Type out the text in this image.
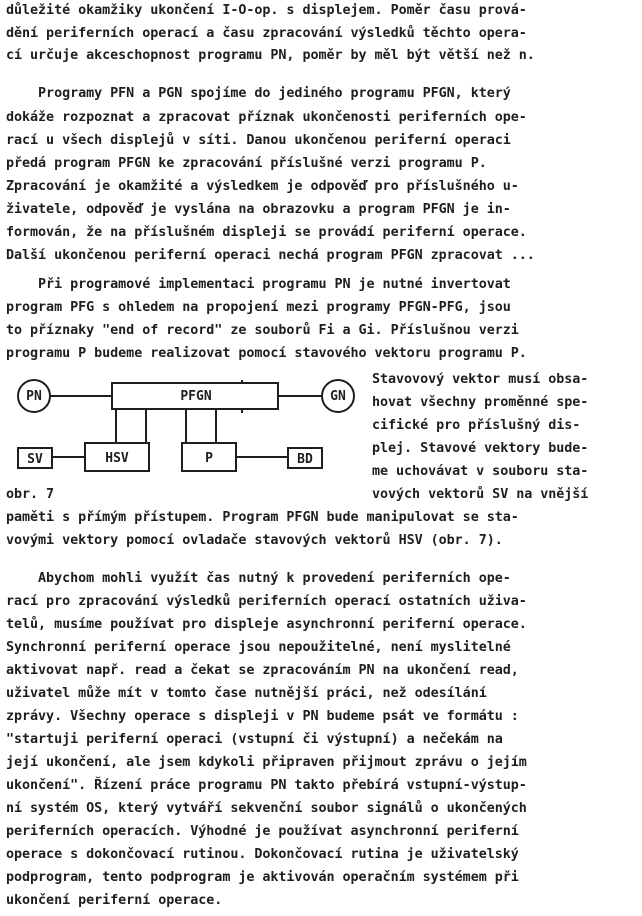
důležité okamžiky ukončení I-O-op. s displejem. Poměr času prová-

dění periferních operací a času zpracování výsledků těchto opera-

cí určuje akceschopnost programu PN, poměr by měl být větší než n.

Programy PFN a PGN spojíme do jediného programu PFGN, který

dokáže rozpoznat a zpracovat příznak ukončenosti periferních ope-

rací u všech displejů v síti. Danou ukončenou periferní operaci

předá program PFGN ke zpracování příslušné verzi programu P.

Zpracování je okamžité a výsledkem je odpověď pro příslušného u-

živatele, odpověď je vyslána na obrazovku a program PFGN je in-

formován, že na příslušném displeji se provádí periferní operace.

Další ukončenou periferní operaci nechá program PFGN zpracovat ...

Při programové implementaci programu PN je nutné invertovat

program PFG s ohledem na propojení mezi programy PFGN-PFG, jsou

to příznaky "end of record" ze souborů Fi a Gi. Příslušnou verzi

programu P budeme realizovat pomocí stavového vektoru programu P.

Stavovový vektor musí obsa-

hovat všechny proměnné spe-

cifické pro příslušný dis-

plej. Stavové vektory bude-

me uchovávat v souboru sta-

vových vektorů SV na vnější

PN	PFGN	GN
SV	HSV	P	BD

obr. 7

paměti s přímým přístupem. Program PFGN bude manipulovat se sta-

vovými vektory pomocí ovladače stavových vektorů HSV (obr. 7).

Abychom mohli využít čas nutný k provedení periferních ope-

rací pro zpracování výsledků periferních operací ostatních uživa-

telů, musíme používat pro displeje asynchronní periferní operace.

Synchronní periferní operace jsou nepoužitelné, není myslitelné

aktivovat např. read a čekat se zpracováním PN na ukončení read,

uživatel může mít v tomto čase nutnější práci, než odesílání

zprávy. Všechny operace s displeji v PN budeme psát ve formátu :

"startuji periferní operaci (vstupní či výstupní) a nečekám na

její ukončení, ale jsem kdykoli připraven přijmout zprávu o jejím

ukončení". Řízení práce programu PN takto přebírá vstupní-výstup-

ní systém OS, který vytváří sekvenční soubor signálů o ukončených

periferních operacích. Výhodné je používat asynchronní periferní

operace s dokončovací rutinou. Dokončovací rutina je uživatelský

podprogram, tento podprogram je aktivován operačním systémem při

ukončení periferní operace.
